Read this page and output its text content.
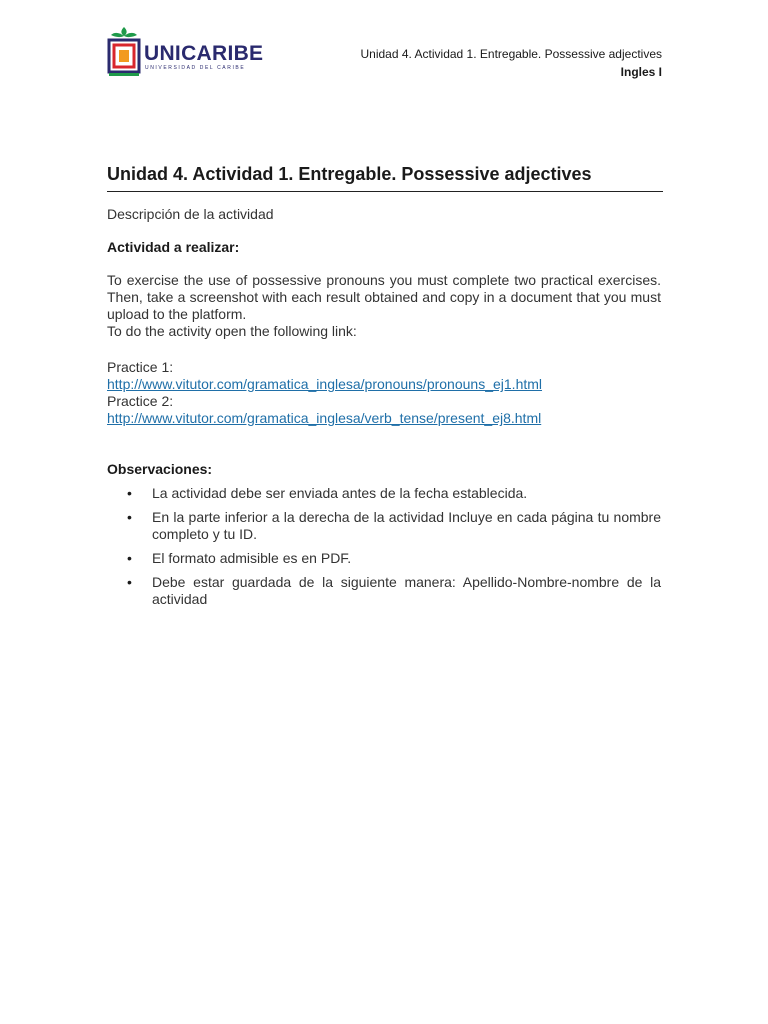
UNICARIBE
UNIVERSIDAD DEL CARIBE
Unidad 4. Actividad 1. Entregable. Possessive adjectives
Ingles I
Unidad 4. Actividad 1. Entregable. Possessive adjectives
Descripción de la actividad
Actividad a realizar:
To exercise the use of possessive pronouns you must complete two practical exercises. Then, take a screenshot with each result obtained and copy in a document that you must upload to the platform.
To do the activity open the following link:
Practice 1:
http://www.vitutor.com/gramatica_inglesa/pronouns/pronouns_ej1.html
Practice 2:
http://www.vitutor.com/gramatica_inglesa/verb_tense/present_ej8.html
Observaciones:
• La actividad debe ser enviada antes de la fecha establecida.
• En la parte inferior a la derecha de la actividad Incluye en cada página tu nombre completo y tu ID.
• El formato admisible es en PDF.
• Debe estar guardada de la siguiente manera: Apellido-Nombre-nombre de la actividad
